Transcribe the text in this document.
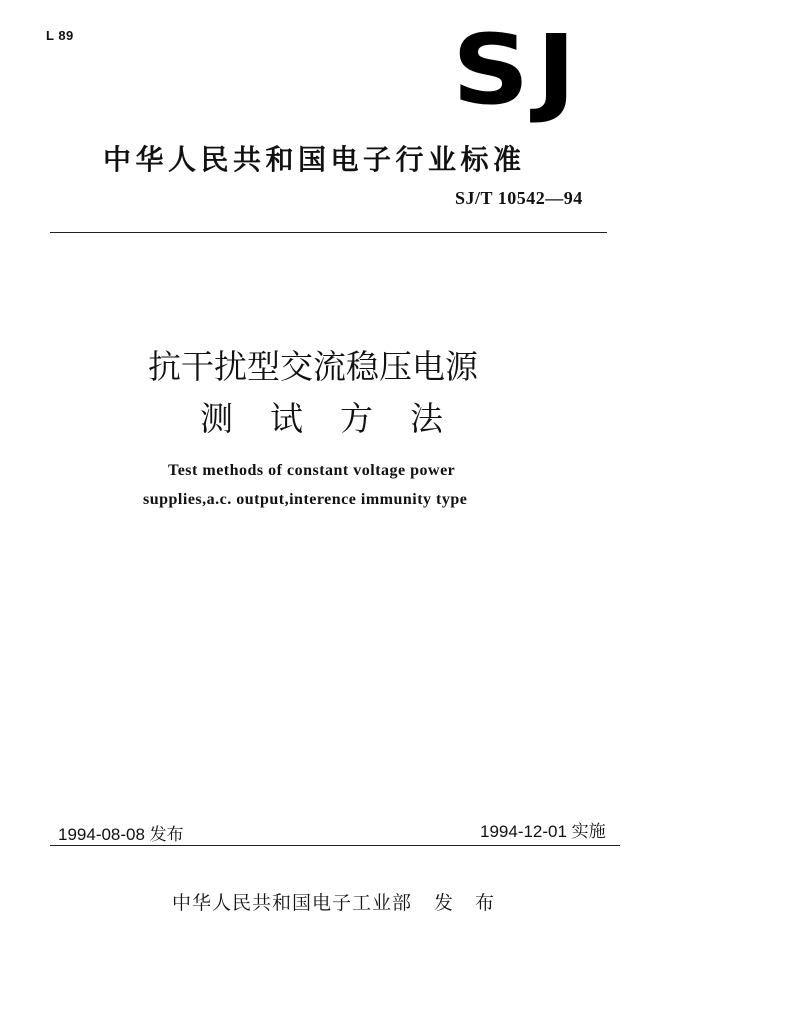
L 89	SJ
中华人民共和国电子行业标准
SJ/T 10542—94
抗干扰型交流稳压电源
测试方法
Test methods of constant voltage power
supplies,a.c. output,interence immunity type
1994-08-08 发布	1994-12-01 实施
中华人民共和国电子工业部 发布
